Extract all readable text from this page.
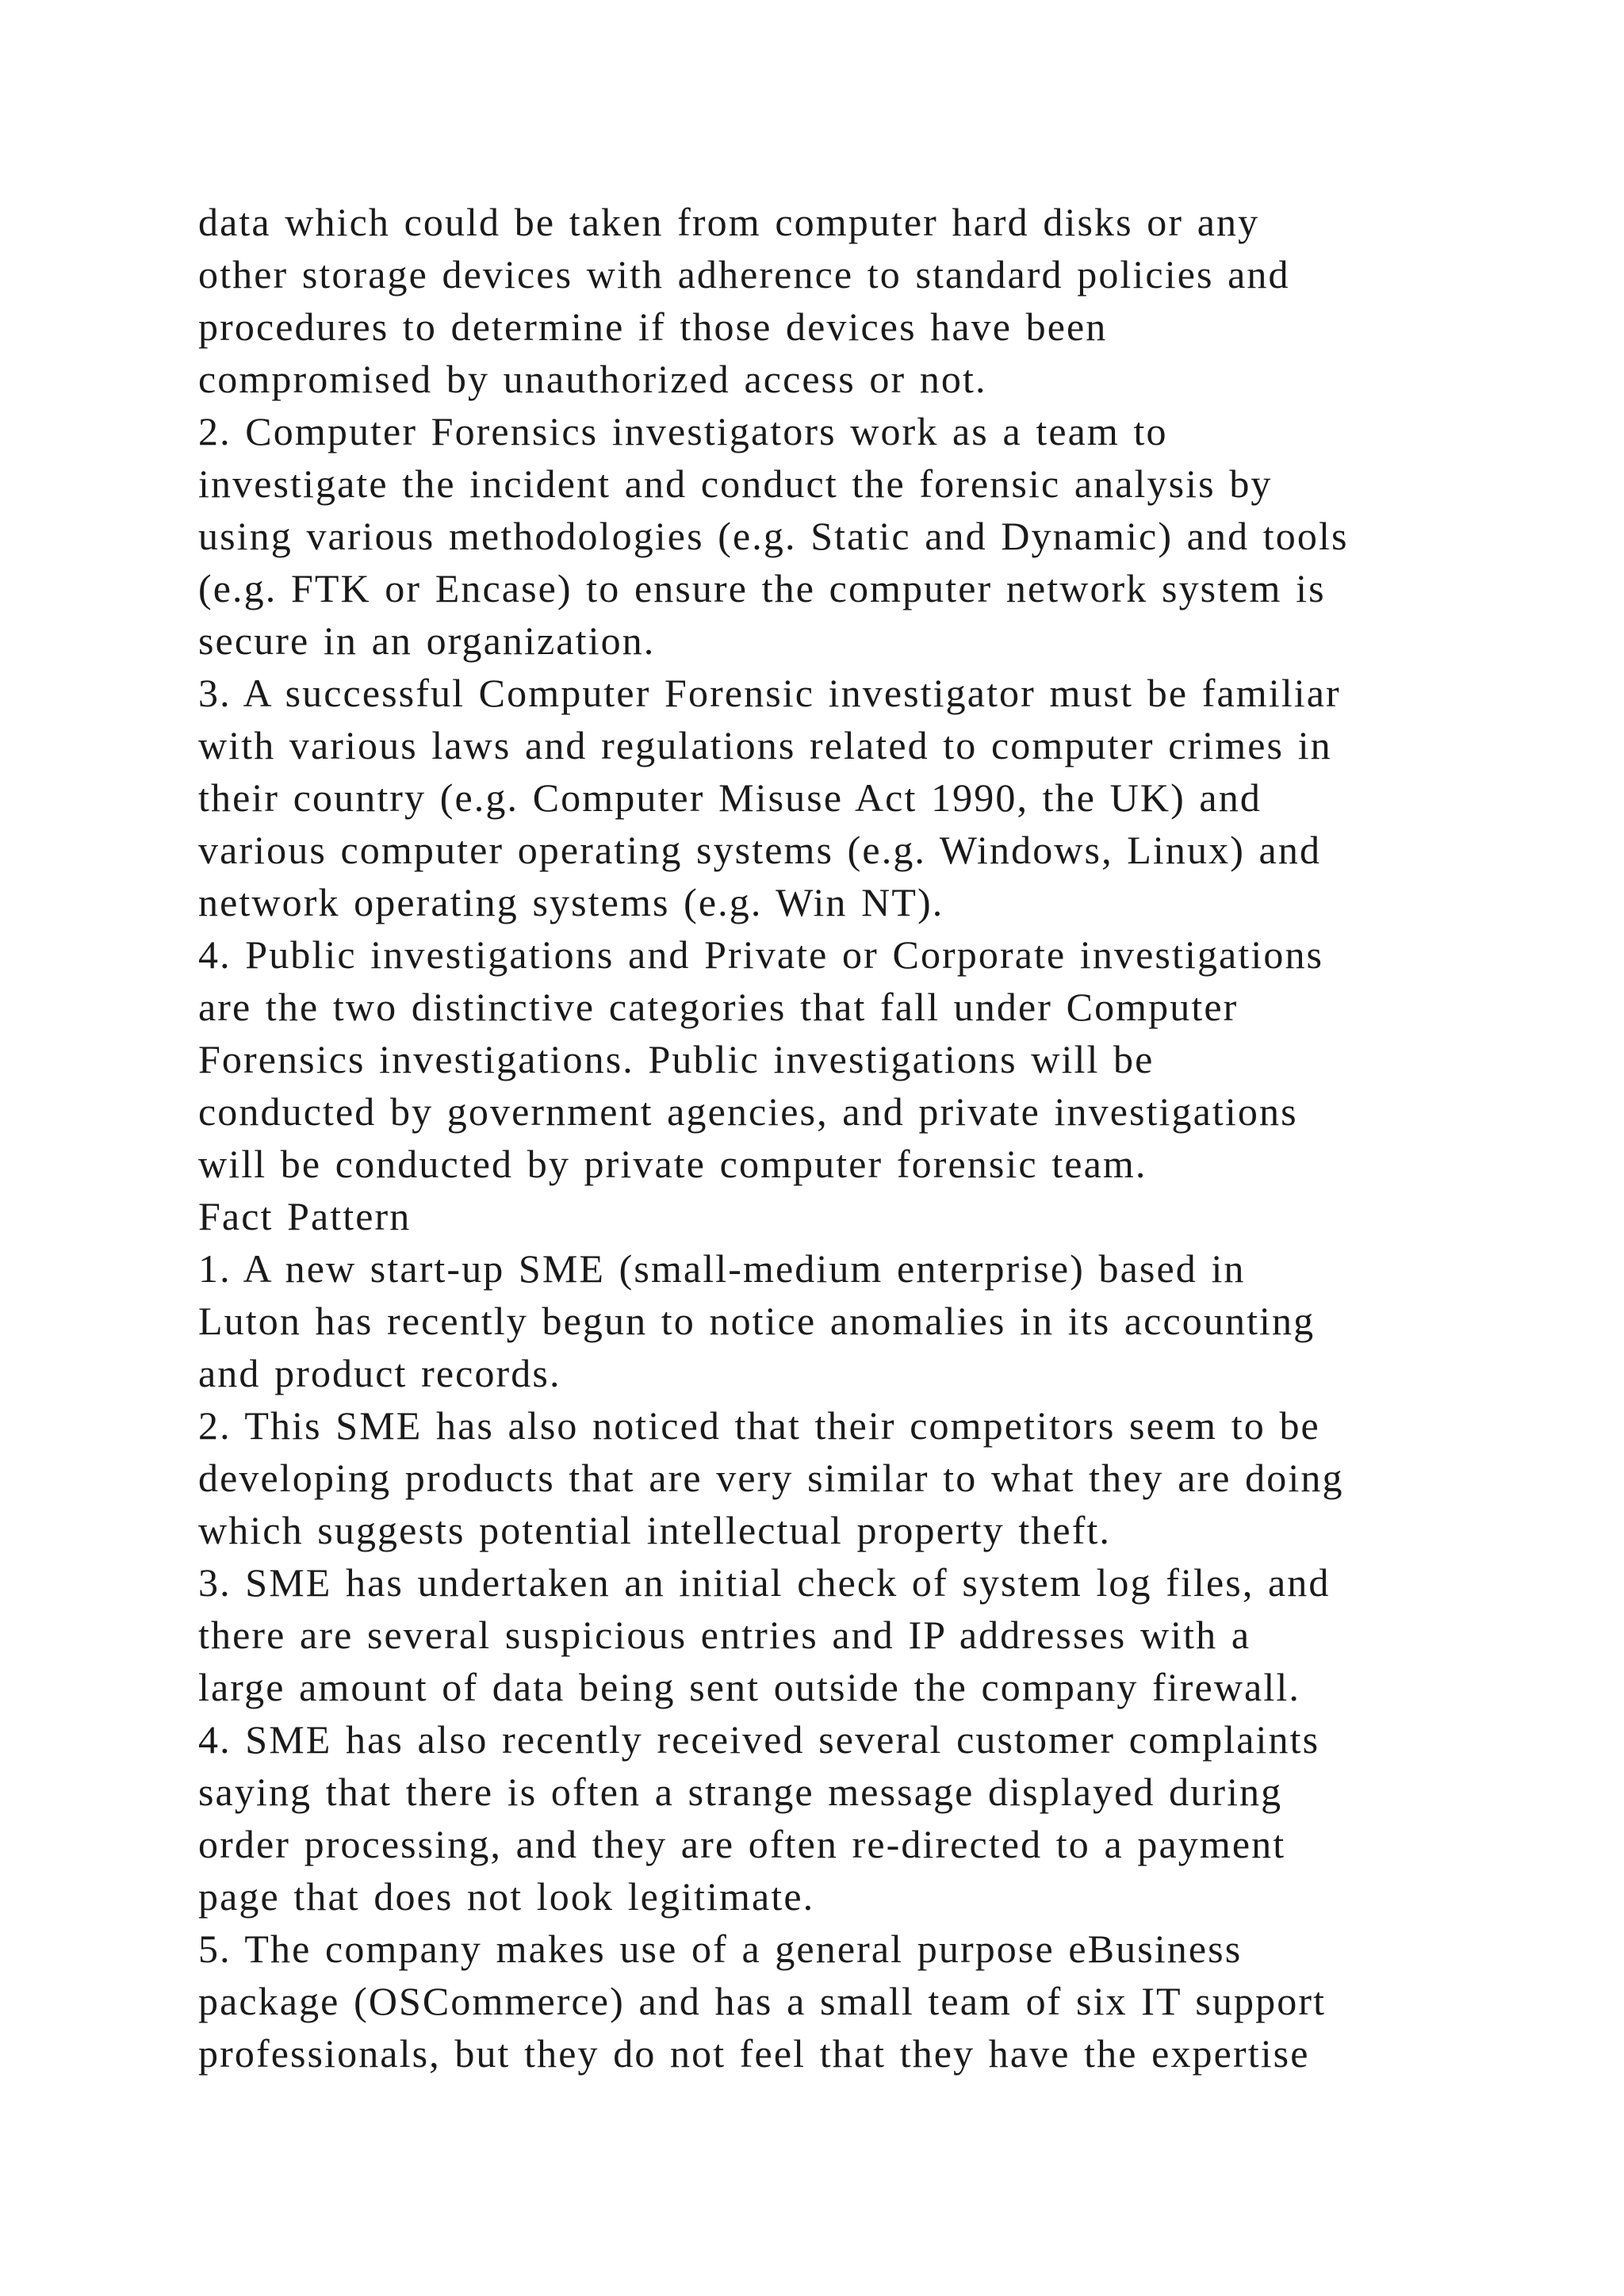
data which could be taken from computer hard disks or any
other storage devices with adherence to standard policies and
procedures to determine if those devices have been
compromised by unauthorized access or not.
2. Computer Forensics investigators work as a team to
investigate the incident and conduct the forensic analysis by
using various methodologies (e.g. Static and Dynamic) and tools
(e.g. FTK or Encase) to ensure the computer network system is
secure in an organization.
3. A successful Computer Forensic investigator must be familiar
with various laws and regulations related to computer crimes in
their country (e.g. Computer Misuse Act 1990, the UK) and
various computer operating systems (e.g. Windows, Linux) and
network operating systems (e.g. Win NT).
4. Public investigations and Private or Corporate investigations
are the two distinctive categories that fall under Computer
Forensics investigations. Public investigations will be
conducted by government agencies, and private investigations
will be conducted by private computer forensic team.
Fact Pattern
1. A new start-up SME (small-medium enterprise) based in
Luton has recently begun to notice anomalies in its accounting
and product records.
2. This SME has also noticed that their competitors seem to be
developing products that are very similar to what they are doing
which suggests potential intellectual property theft.
3. SME has undertaken an initial check of system log files, and
there are several suspicious entries and IP addresses with a
large amount of data being sent outside the company firewall.
4. SME has also recently received several customer complaints
saying that there is often a strange message displayed during
order processing, and they are often re-directed to a payment
page that does not look legitimate.
5. The company makes use of a general purpose eBusiness
package (OSCommerce) and has a small team of six IT support
professionals, but they do not feel that they have the expertise
